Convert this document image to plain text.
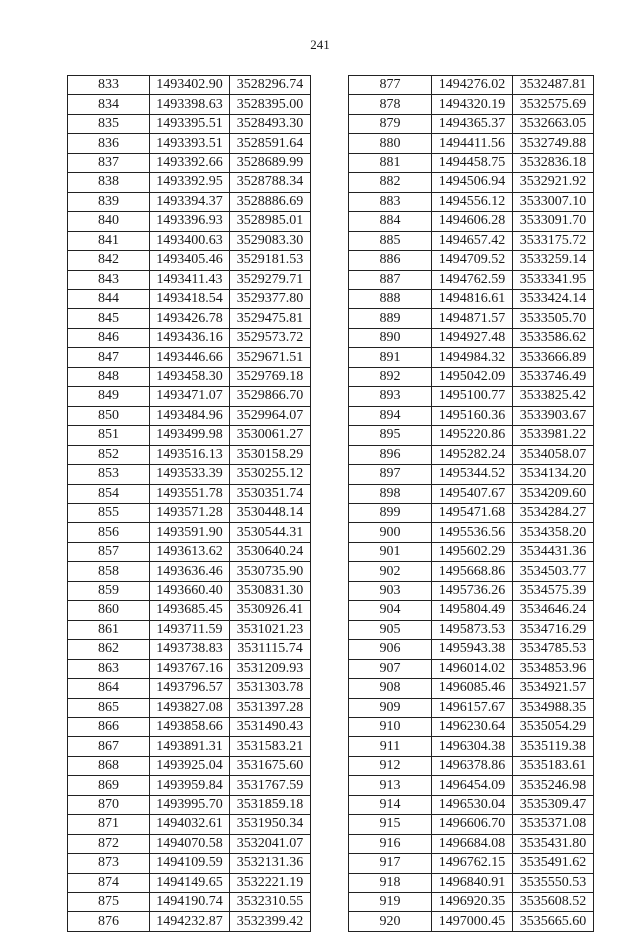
241
833	1493402.90	3528296.74
834	1493398.63	3528395.00
835	1493395.51	3528493.30
836	1493393.51	3528591.64
837	1493392.66	3528689.99
838	1493392.95	3528788.34
839	1493394.37	3528886.69
840	1493396.93	3528985.01
841	1493400.63	3529083.30
842	1493405.46	3529181.53
843	1493411.43	3529279.71
844	1493418.54	3529377.80
845	1493426.78	3529475.81
846	1493436.16	3529573.72
847	1493446.66	3529671.51
848	1493458.30	3529769.18
849	1493471.07	3529866.70
850	1493484.96	3529964.07
851	1493499.98	3530061.27
852	1493516.13	3530158.29
853	1493533.39	3530255.12
854	1493551.78	3530351.74
855	1493571.28	3530448.14
856	1493591.90	3530544.31
857	1493613.62	3530640.24
858	1493636.46	3530735.90
859	1493660.40	3530831.30
860	1493685.45	3530926.41
861	1493711.59	3531021.23
862	1493738.83	3531115.74
863	1493767.16	3531209.93
864	1493796.57	3531303.78
865	1493827.08	3531397.28
866	1493858.66	3531490.43
867	1493891.31	3531583.21
868	1493925.04	3531675.60
869	1493959.84	3531767.59
870	1493995.70	3531859.18
871	1494032.61	3531950.34
872	1494070.58	3532041.07
873	1494109.59	3532131.36
874	1494149.65	3532221.19
875	1494190.74	3532310.55
876	1494232.87	3532399.42
877	1494276.02	3532487.81
878	1494320.19	3532575.69
879	1494365.37	3532663.05
880	1494411.56	3532749.88
881	1494458.75	3532836.18
882	1494506.94	3532921.92
883	1494556.12	3533007.10
884	1494606.28	3533091.70
885	1494657.42	3533175.72
886	1494709.52	3533259.14
887	1494762.59	3533341.95
888	1494816.61	3533424.14
889	1494871.57	3533505.70
890	1494927.48	3533586.62
891	1494984.32	3533666.89
892	1495042.09	3533746.49
893	1495100.77	3533825.42
894	1495160.36	3533903.67
895	1495220.86	3533981.22
896	1495282.24	3534058.07
897	1495344.52	3534134.20
898	1495407.67	3534209.60
899	1495471.68	3534284.27
900	1495536.56	3534358.20
901	1495602.29	3534431.36
902	1495668.86	3534503.77
903	1495736.26	3534575.39
904	1495804.49	3534646.24
905	1495873.53	3534716.29
906	1495943.38	3534785.53
907	1496014.02	3534853.96
908	1496085.46	3534921.57
909	1496157.67	3534988.35
910	1496230.64	3535054.29
911	1496304.38	3535119.38
912	1496378.86	3535183.61
913	1496454.09	3535246.98
914	1496530.04	3535309.47
915	1496606.70	3535371.08
916	1496684.08	3535431.80
917	1496762.15	3535491.62
918	1496840.91	3535550.53
919	1496920.35	3535608.52
920	1497000.45	3535665.60
